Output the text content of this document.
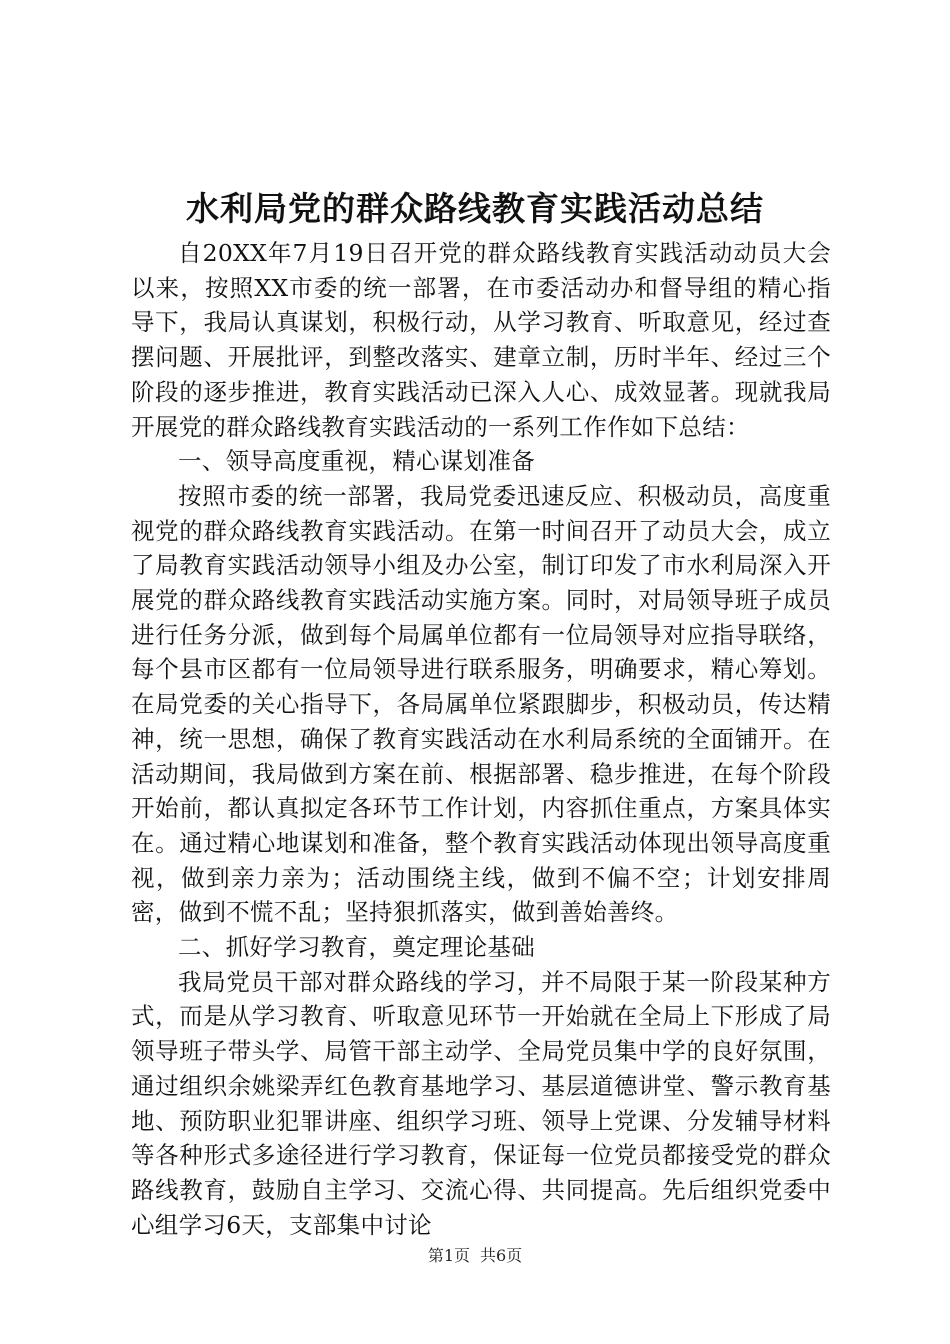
水利局党的群众路线教育实践活动总结

自20XX年7月19日召开党的群众路线教育实践活动动员大会以来，按照XX市委的统一部署，在市委活动办和督导组的精心指导下，我局认真谋划，积极行动，从学习教育、听取意见，经过查摆问题、开展批评，到整改落实、建章立制，历时半年、经过三个阶段的逐步推进，教育实践活动已深入人心、成效显著。现就我局开展党的群众路线教育实践活动的一系列工作作如下总结：

一、领导高度重视，精心谋划准备

按照市委的统一部署，我局党委迅速反应、积极动员，高度重视党的群众路线教育实践活动。在第一时间召开了动员大会，成立了局教育实践活动领导小组及办公室，制订印发了市水利局深入开展党的群众路线教育实践活动实施方案。同时，对局领导班子成员进行任务分派，做到每个局属单位都有一位局领导对应指导联络，每个县市区都有一位局领导进行联系服务，明确要求，精心筹划。在局党委的关心指导下，各局属单位紧跟脚步，积极动员，传达精神，统一思想，确保了教育实践活动在水利局系统的全面铺开。在活动期间，我局做到方案在前、根据部署、稳步推进，在每个阶段开始前，都认真拟定各环节工作计划，内容抓住重点，方案具体实在。通过精心地谋划和准备，整个教育实践活动体现出领导高度重视，做到亲力亲为；活动围绕主线，做到不偏不空；计划安排周密，做到不慌不乱；坚持狠抓落实，做到善始善终。

二、抓好学习教育，奠定理论基础

我局党员干部对群众路线的学习，并不局限于某一阶段某种方式，而是从学习教育、听取意见环节一开始就在全局上下形成了局领导班子带头学、局管干部主动学、全局党员集中学的良好氛围，通过组织余姚梁弄红色教育基地学习、基层道德讲堂、警示教育基地、预防职业犯罪讲座、组织学习班、领导上党课、分发辅导材料等各种形式多途径进行学习教育，保证每一位党员都接受党的群众路线教育，鼓励自主学习、交流心得、共同提高。先后组织党委中心组学习6天，支部集中讨论

第1页 共6页
